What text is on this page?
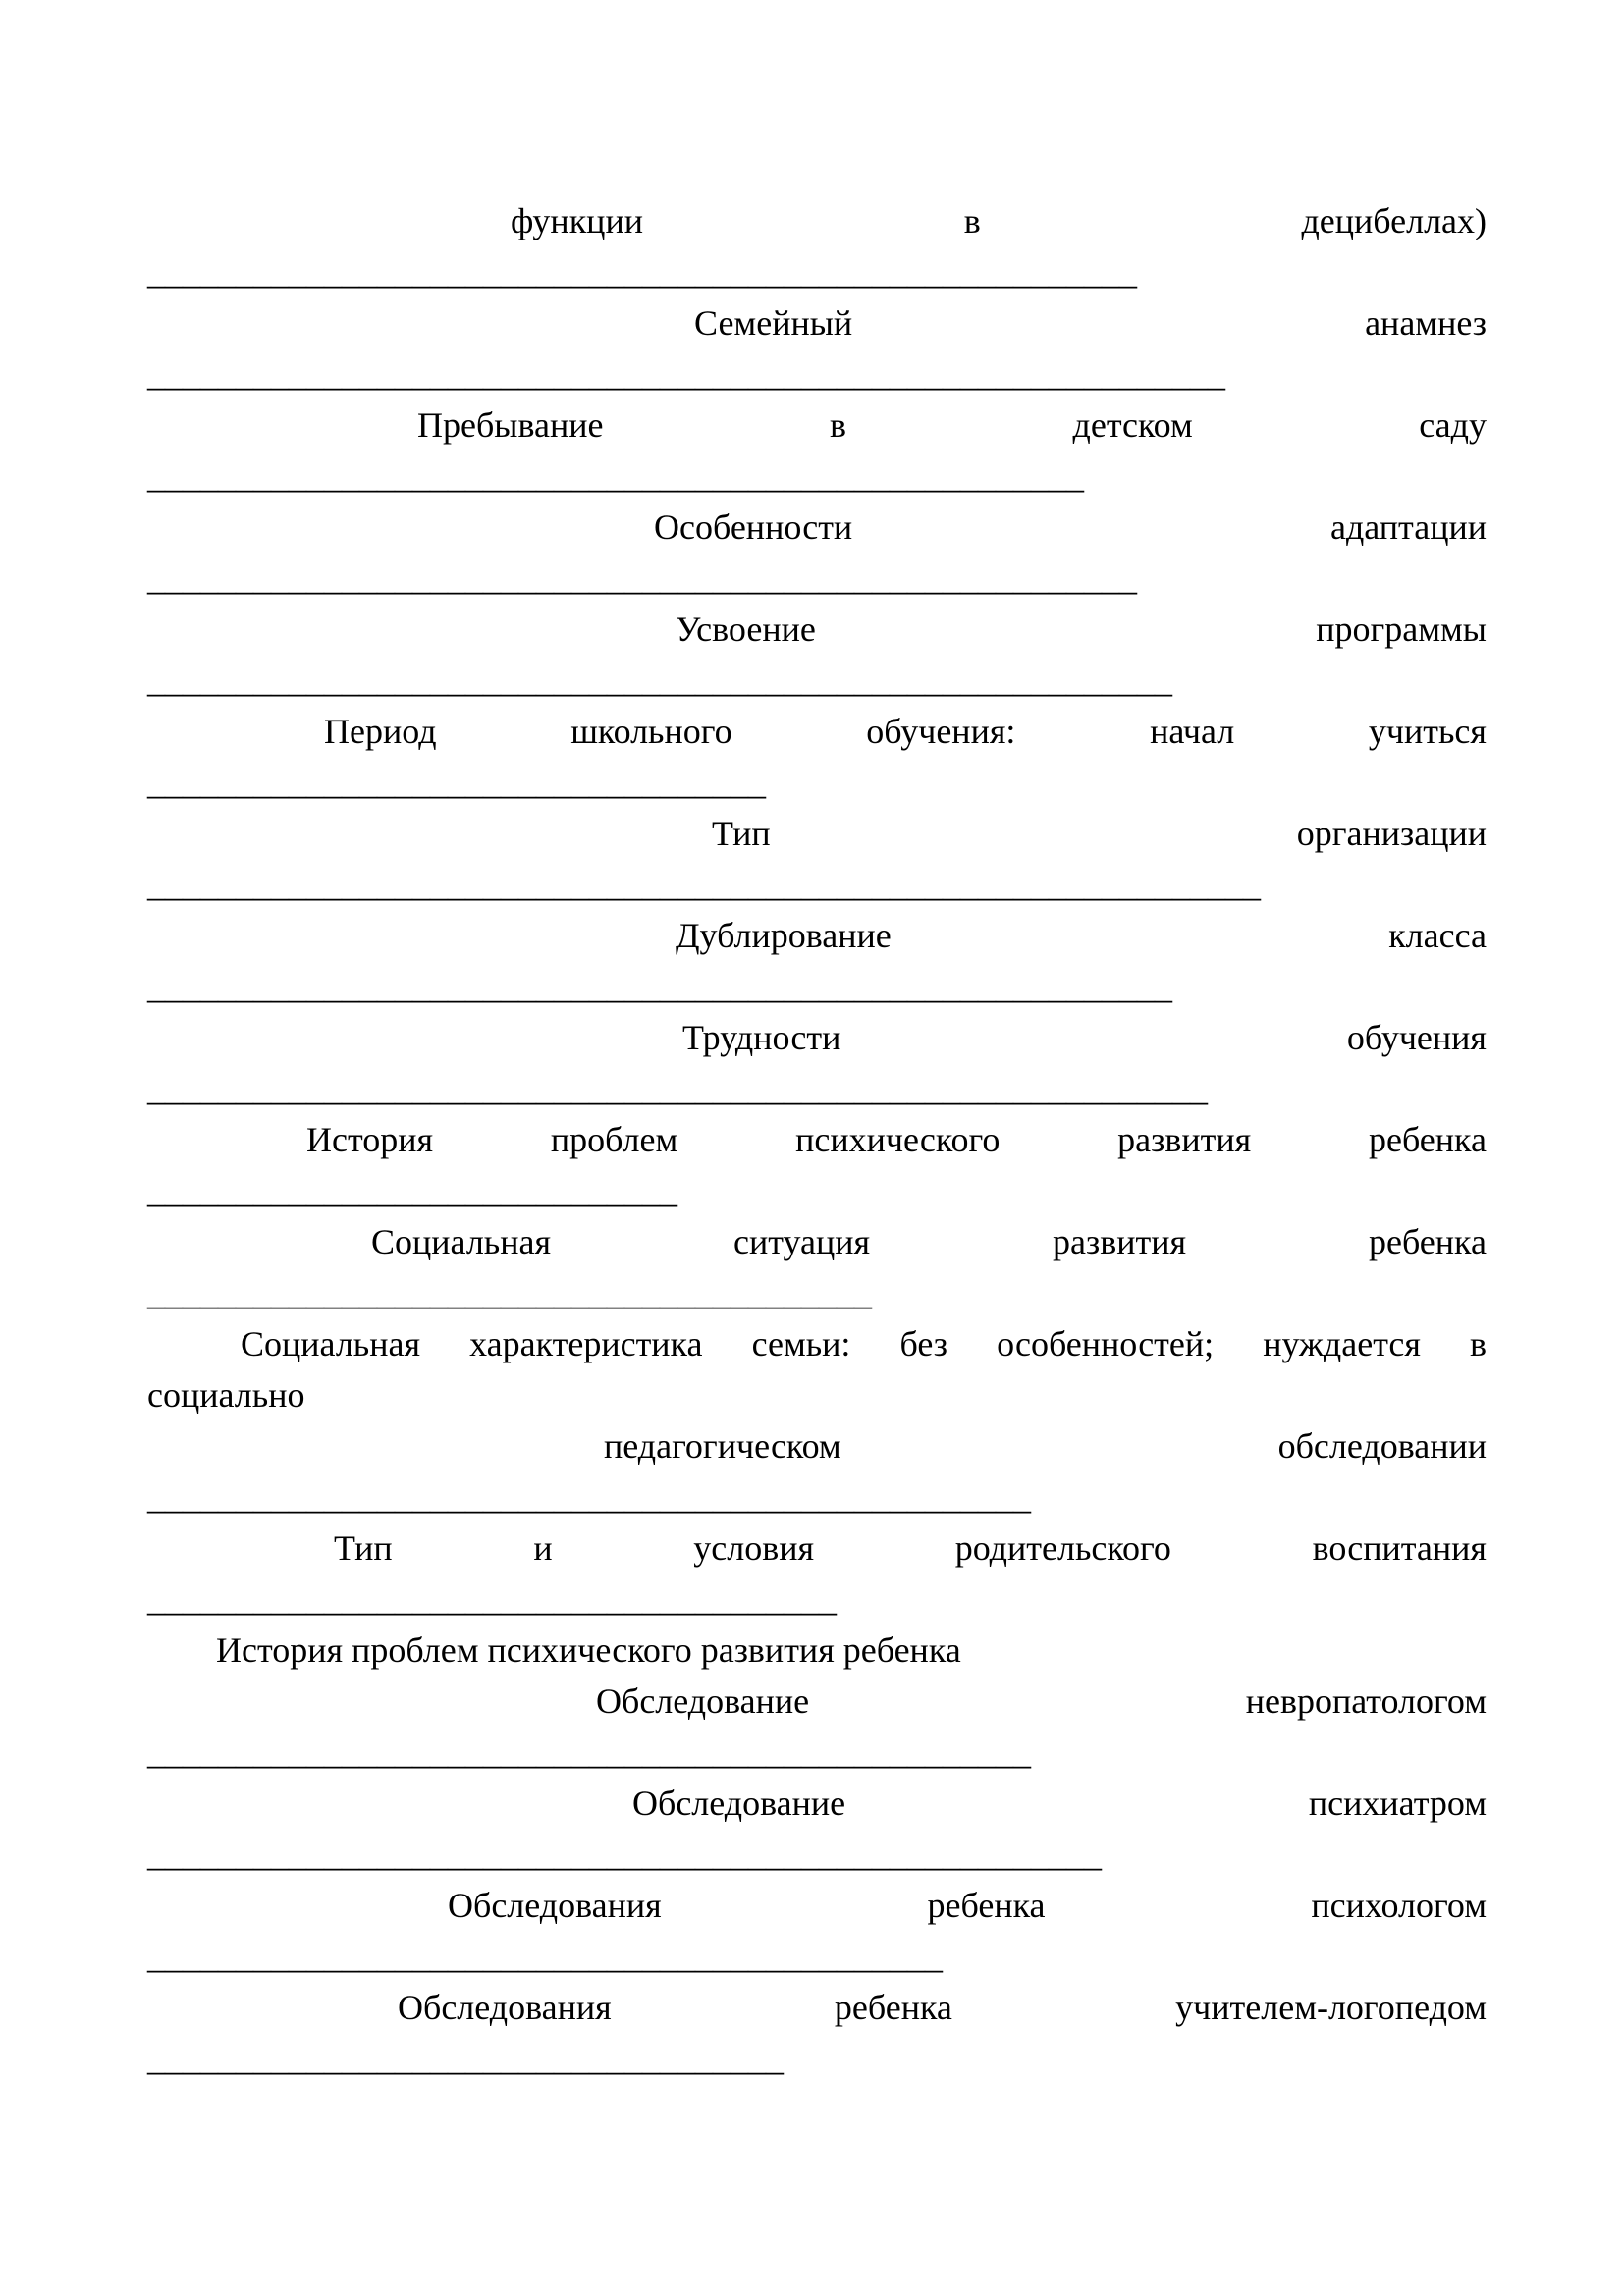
функции	в	децибеллах)
________________________________________________________
Семейный	анамнез
_____________________________________________________________
Пребывание	в	детском	саду
_____________________________________________________
Особенности	адаптации
________________________________________________________
Усвоение	программы
__________________________________________________________
Период	школьного	обучения:	начал	учиться
___________________________________
Тип	организации
_______________________________________________________________
Дублирование	класса
__________________________________________________________
Трудности	обучения
____________________________________________________________
История	проблем	психического	развития	ребенка
______________________________
Социальная	ситуация	развития	ребенка
_________________________________________
Социальная характеристика семьи: без особенностей; нуждается в
социально
педагогическом	обследовании
__________________________________________________
Тип	и	условия	родительского	воспитания
_______________________________________
История проблем психического развития ребенка
Обследование	невропатологом
__________________________________________________
Обследование	психиатром
______________________________________________________
Обследования	ребенка	психологом
_____________________________________________
Обследования	ребенка	учителем-логопедом
____________________________________
